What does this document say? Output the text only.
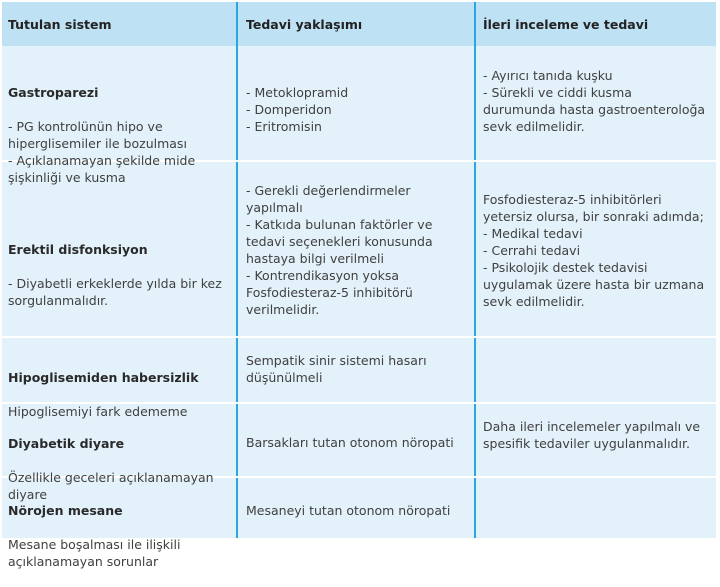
Tutulan sistem	Tedavi yaklaşımı	İleri inceleme ve tedavi

Gastroparezi

- PG kontrolünün hipo ve
hiperglisemiler ile bozulması
- Açıklanamayan şekilde mide
şişkinliği ve kusma

- Metoklopramid
- Domperidon
- Eritromisin
- Ayırıcı tanıda kuşku
- Sürekli ve ciddi kusma
durumunda hasta gastroenteroloğa
sevk edilmelidir.

Erektil disfonksiyon

- Diyabetli erkeklerde yılda bir kez
sorgulanmalıdır.

- Gerekli değerlendirmeler
yapılmalı
- Katkıda bulunan faktörler ve
tedavi seçenekleri konusunda
hastaya bilgi verilmeli
- Kontrendikasyon yoksa
Fosfodiesteraz-5 inhibitörü
verilmelidir.
Fosfodiesteraz-5 inhibitörleri
yetersiz olursa, bir sonraki adımda;
- Medikal tedavi
- Cerrahi tedavi
- Psikolojik destek tedavisi
uygulamak üzere hasta bir uzmana
sevk edilmelidir.

Hipoglisemiden habersizlik

Hipoglisemiyi fark edememe

Sempatik sinir sistemi hasarı
düşünülmeli

Diyabetik diyare

Özellikle geceleri açıklanamayan
diyare

Barsakları tutan otonom nöropati
Daha ileri incelemeler yapılmalı ve
spesifik tedaviler uygulanmalıdır.

Nörojen mesane

Mesane boşalması ile ilişkili
açıklanamayan sorunlar

Mesaneyi tutan otonom nöropati
